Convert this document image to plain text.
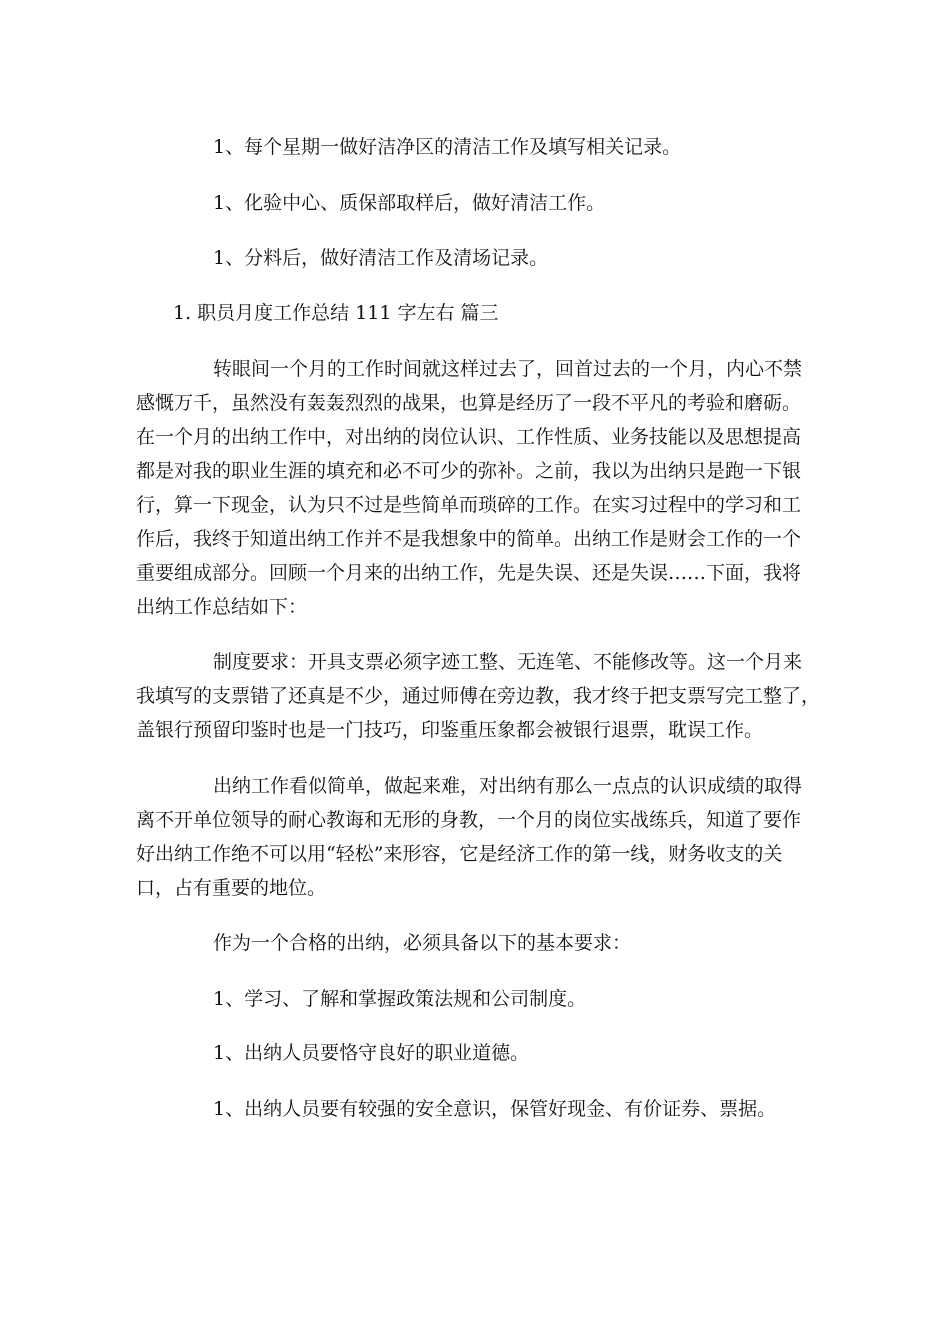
1、每个星期一做好洁净区的清洁工作及填写相关记录。
1、化验中心、质保部取样后，做好清洁工作。
1、分料后，做好清洁工作及清场记录。
1. 职员月度工作总结 111 字左右 篇三
转眼间一个月的工作时间就这样过去了，回首过去的一个月，内心不禁
感慨万千，虽然没有轰轰烈烈的战果，也算是经历了一段不平凡的考验和磨砺。
在一个月的出纳工作中，对出纳的岗位认识、工作性质、业务技能以及思想提高
都是对我的职业生涯的填充和必不可少的弥补。之前，我以为出纳只是跑一下银
行，算一下现金，认为只不过是些简单而琐碎的工作。在实习过程中的学习和工
作后，我终于知道出纳工作并不是我想象中的简单。出纳工作是财会工作的一个
重要组成部分。回顾一个月来的出纳工作，先是失误、还是失误……下面，我将
出纳工作总结如下：
制度要求：开具支票必须字迹工整、无连笔、不能修改等。这一个月来
我填写的支票错了还真是不少，通过师傅在旁边教，我才终于把支票写完工整了，
盖银行预留印鉴时也是一门技巧，印鉴重压象都会被银行退票，耽误工作。
出纳工作看似简单，做起来难，对出纳有那么一点点的认识成绩的取得
离不开单位领导的耐心教诲和无形的身教，一个月的岗位实战练兵，知道了要作
好出纳工作绝不可以用“轻松”来形容，它是经济工作的第一线，财务收支的关
口，占有重要的地位。
作为一个合格的出纳，必须具备以下的基本要求：
1、学习、了解和掌握政策法规和公司制度。
1、出纳人员要恪守良好的职业道德。
1、出纳人员要有较强的安全意识，保管好现金、有价证券、票据。
